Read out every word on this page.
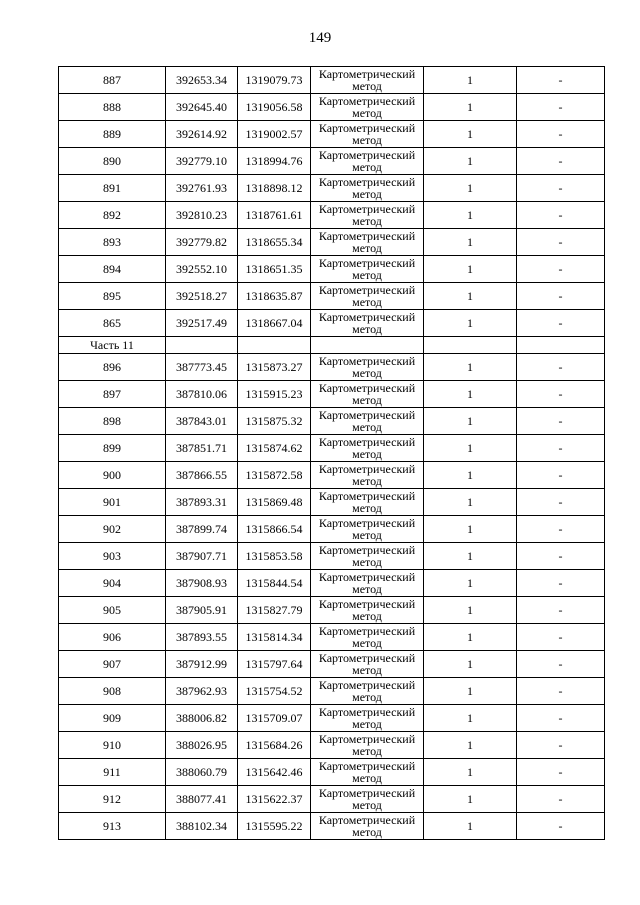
149
887	392653.34	1319079.73	Картометрический
метод	1	-
888	392645.40	1319056.58	Картометрический
метод	1	-
889	392614.92	1319002.57	Картометрический
метод	1	-
890	392779.10	1318994.76	Картометрический
метод	1	-
891	392761.93	1318898.12	Картометрический
метод	1	-
892	392810.23	1318761.61	Картометрический
метод	1	-
893	392779.82	1318655.34	Картометрический
метод	1	-
894	392552.10	1318651.35	Картометрический
метод	1	-
895	392518.27	1318635.87	Картометрический
метод	1	-
865	392517.49	1318667.04	Картометрический
метод	1	-
Часть 11					
896	387773.45	1315873.27	Картометрический
метод	1	-
897	387810.06	1315915.23	Картометрический
метод	1	-
898	387843.01	1315875.32	Картометрический
метод	1	-
899	387851.71	1315874.62	Картометрический
метод	1	-
900	387866.55	1315872.58	Картометрический
метод	1	-
901	387893.31	1315869.48	Картометрический
метод	1	-
902	387899.74	1315866.54	Картометрический
метод	1	-
903	387907.71	1315853.58	Картометрический
метод	1	-
904	387908.93	1315844.54	Картометрический
метод	1	-
905	387905.91	1315827.79	Картометрический
метод	1	-
906	387893.55	1315814.34	Картометрический
метод	1	-
907	387912.99	1315797.64	Картометрический
метод	1	-
908	387962.93	1315754.52	Картометрический
метод	1	-
909	388006.82	1315709.07	Картометрический
метод	1	-
910	388026.95	1315684.26	Картометрический
метод	1	-
911	388060.79	1315642.46	Картометрический
метод	1	-
912	388077.41	1315622.37	Картометрический
метод	1	-
913	388102.34	1315595.22	Картометрический
метод	1	-
